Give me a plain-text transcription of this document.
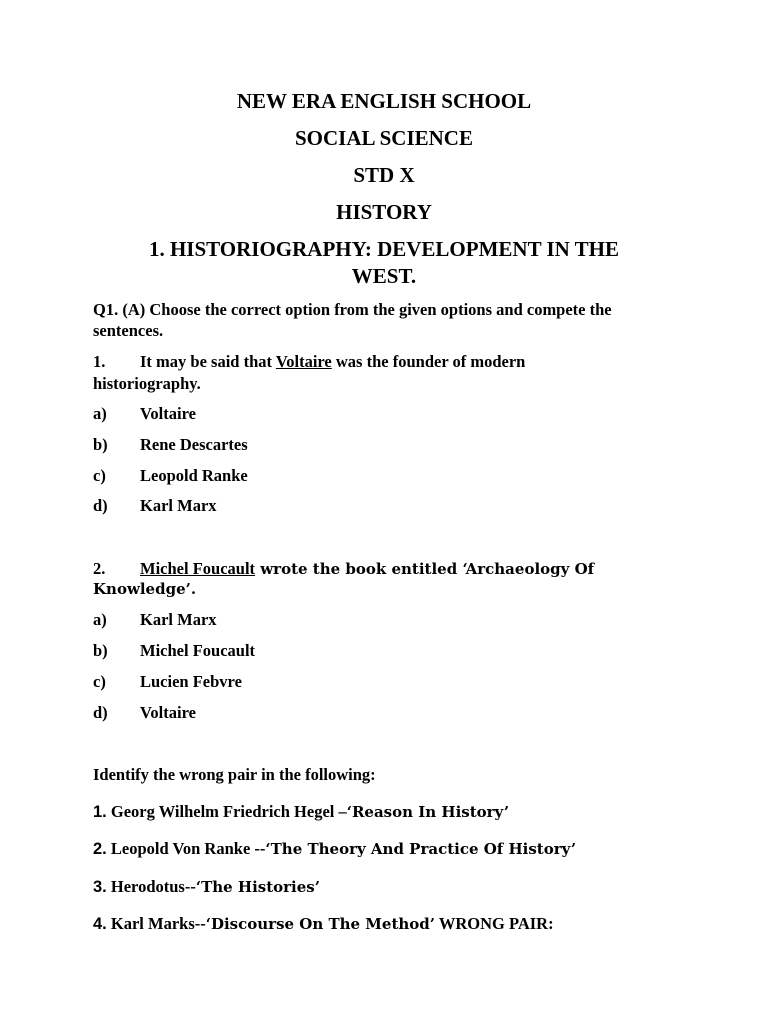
NEW ERA ENGLISH SCHOOL
SOCIAL SCIENCE
STD X
HISTORY
1. HISTORIOGRAPHY: DEVELOPMENT IN THE
WEST.
Q1. (A) Choose the correct option from the given options and compete the
sentences.
1. It may be said that Voltaire was the founder of modern
historiography.
a) Voltaire
b) Rene Descartes
c) Leopold Ranke
d) Karl Marx
2. Michel Foucault wrote the book entitled ‘Archaeology Of
Knowledge’.
a) Karl Marx
b) Michel Foucault
c) Lucien Febvre
d) Voltaire
Identify the wrong pair in the following:
1. Georg Wilhelm Friedrich Hegel –‘Reason In History’
2. Leopold Von Ranke --‘The Theory And Practice Of History’
3. Herodotus--‘The Histories’
4. Karl Marks--‘Discourse On The Method’ WRONG PAIR:
